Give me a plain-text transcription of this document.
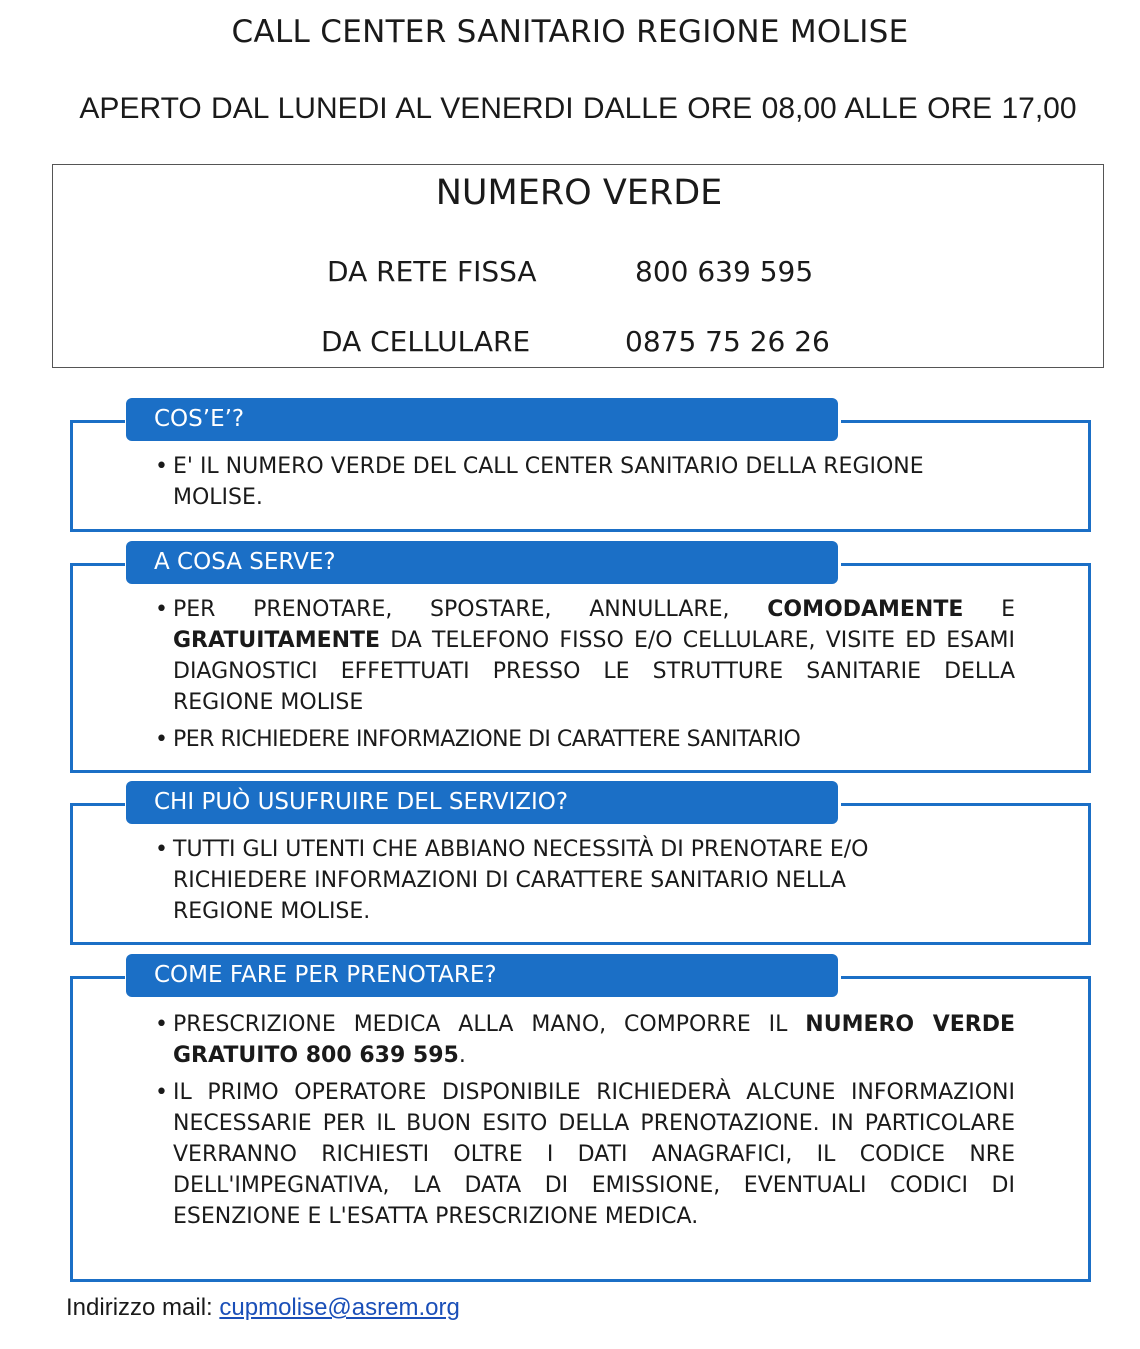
CALL CENTER SANITARIO REGIONE MOLISE
APERTO DAL LUNEDI AL VENERDI DALLE ORE 08,00 ALLE ORE 17,00
NUMERO VERDE
DA RETE FISSA	800 639 595
DA CELLULARE	0875 75 26 26
COS’E’?
• E' IL NUMERO VERDE DEL CALL CENTER SANITARIO DELLA REGIONE MOLISE.
A COSA SERVE?
• PER PRENOTARE, SPOSTARE, ANNULLARE, COMODAMENTE E GRATUITAMENTE DA TELEFONO FISSO E/O CELLULARE, VISITE ED ESAMI DIAGNOSTICI EFFETTUATI PRESSO LE STRUTTURE SANITARIE DELLA REGIONE MOLISE
• PER RICHIEDERE INFORMAZIONE DI CARATTERE SANITARIO
CHI PUÒ USUFRUIRE DEL SERVIZIO?
• TUTTI GLI UTENTI CHE ABBIANO NECESSITÀ DI PRENOTARE E/O RICHIEDERE INFORMAZIONI DI CARATTERE SANITARIO NELLA REGIONE MOLISE.
COME FARE PER PRENOTARE?
• PRESCRIZIONE MEDICA ALLA MANO, COMPORRE IL NUMERO VERDE GRATUITO 800 639 595.
• IL PRIMO OPERATORE DISPONIBILE RICHIEDERÀ ALCUNE INFORMAZIONI NECESSARIE PER IL BUON ESITO DELLA PRENOTAZIONE. IN PARTICOLARE VERRANNO RICHIESTI OLTRE I DATI ANAGRAFICI, IL CODICE NRE DELL'IMPEGNATIVA, LA DATA DI EMISSIONE, EVENTUALI CODICI DI ESENZIONE E L'ESATTA PRESCRIZIONE MEDICA.
Indirizzo mail: cupmolise@asrem.org
